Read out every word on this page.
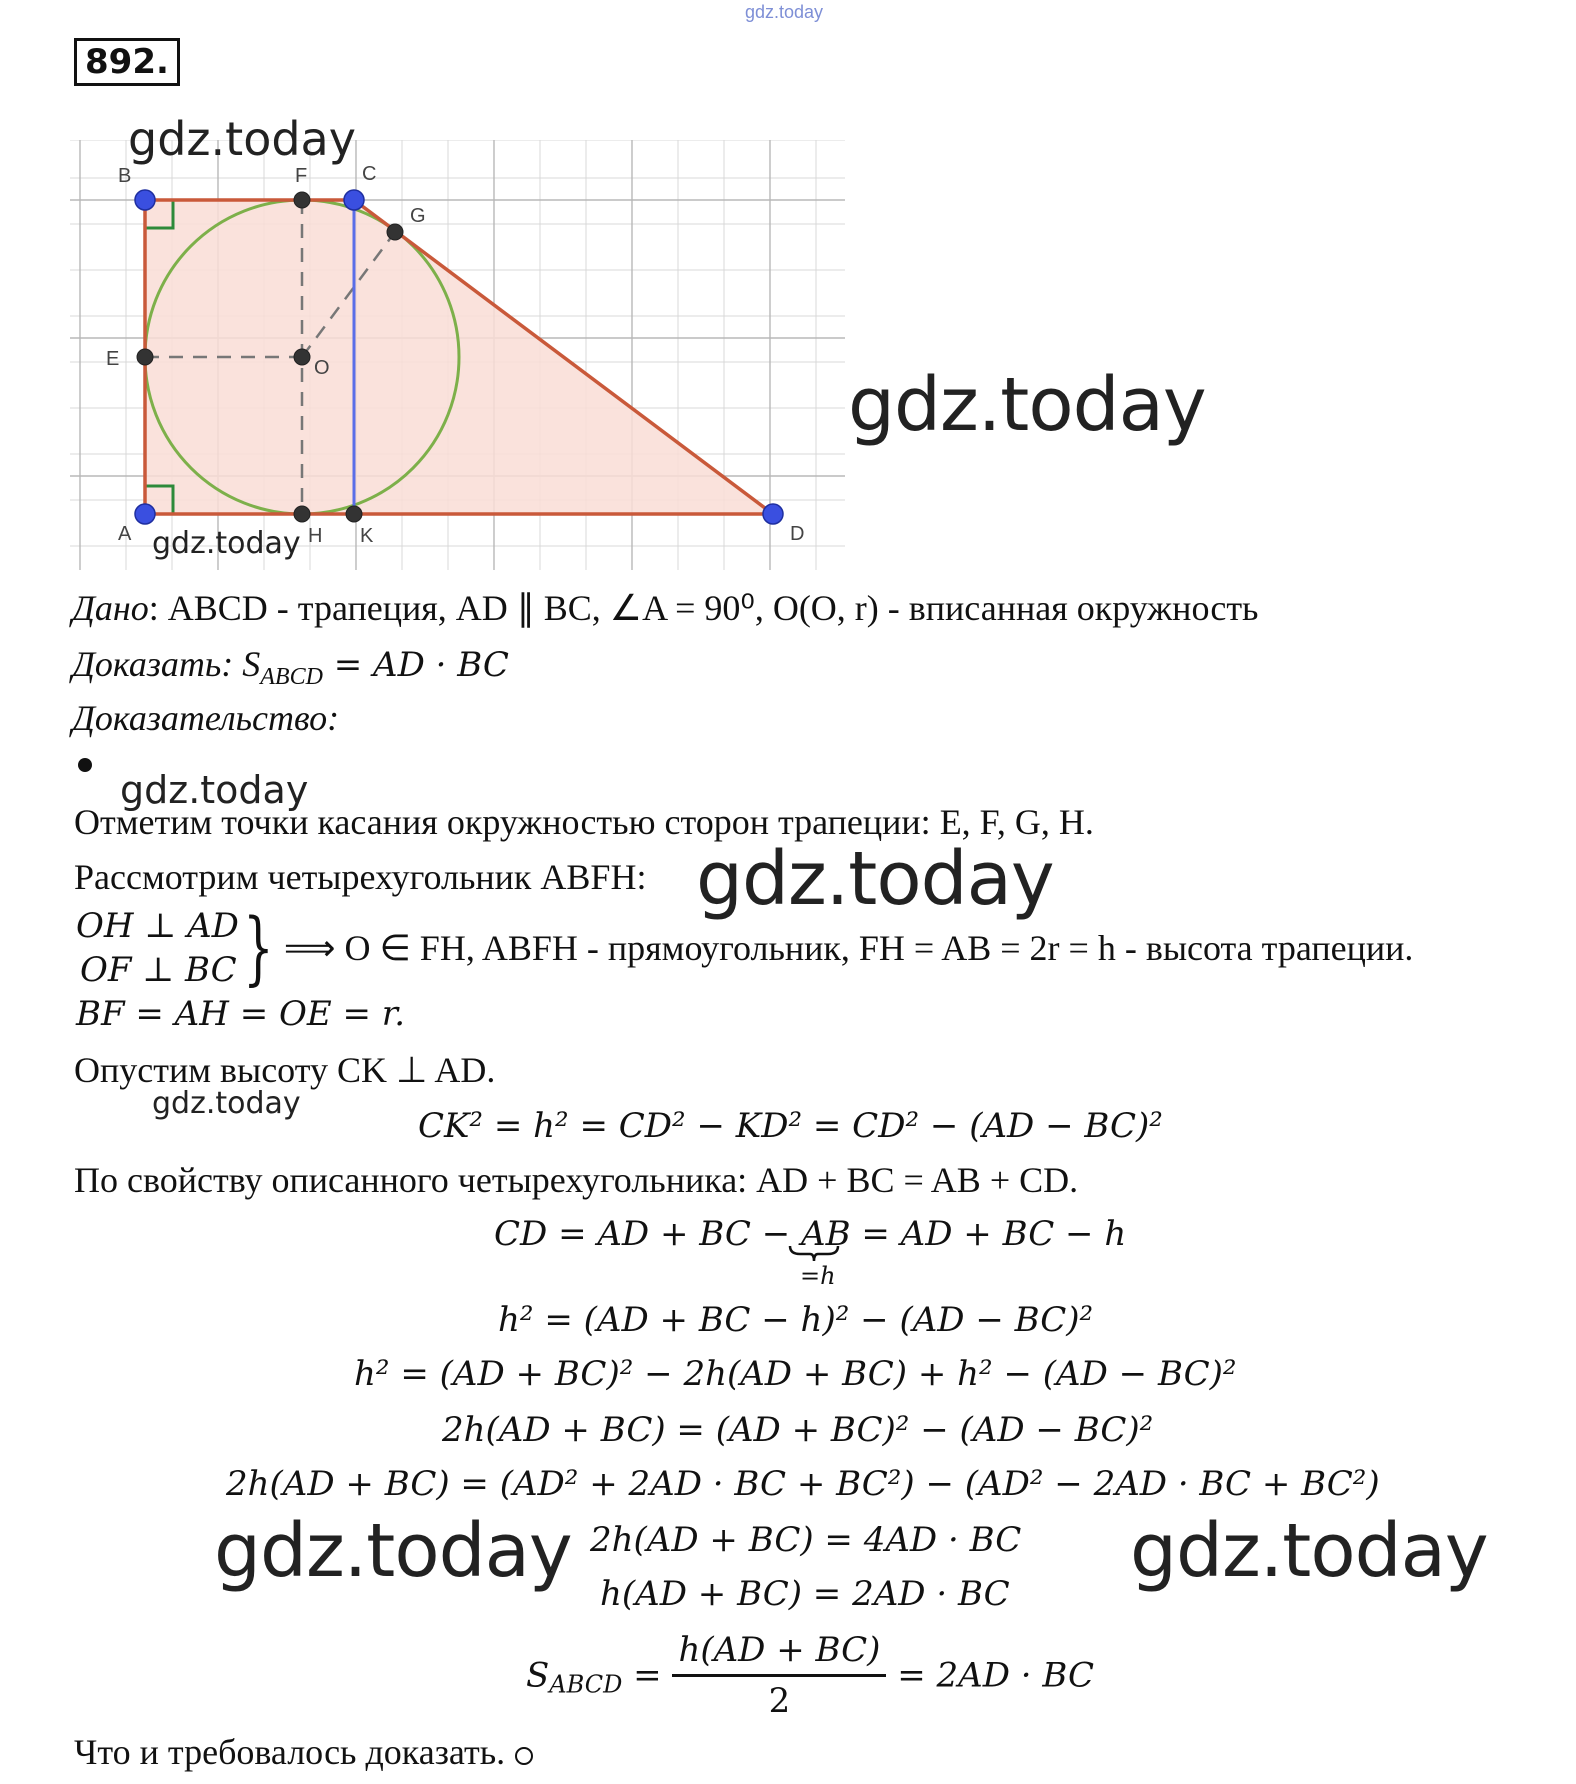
gdz.today
892.
B	F	C
G
E	O
A	H K	D
gdz.today
gdz.today
gdz.today
Дано: ABCD - трапеция, AD ∥ BC, ∠A = 90⁰, O(O, r) - вписанная окружность
Доказать: $S_{ABCD}$ = AD · BC
Доказательство:
gdz.today
Отметим точки касания окружностью сторон трапеции: E, F, G, H.
Рассмотрим четырехугольник ABFH: gdz.today
OH ⊥ AD
OF ⊥ BC } ⟹ O ∈ FH, ABFH - прямоугольник, FH = AB = 2r = h - высота трапеции.
BF = AH = OE = r.
Опустим высоту CK ⊥ AD.
gdz.today
CK² = h² = CD² − KD² = CD² − (AD − BC)²
По свойству описанного четырехугольника: AD + BC = AB + CD.
CD = AD + BC − AB = AD + BC − h
=h
h² = (AD + BC − h)² − (AD − BC)²
h² = (AD + BC)² − 2h(AD + BC) + h² − (AD − BC)²
2h(AD + BC) = (AD + BC)² − (AD − BC)²
2h(AD + BC) = (AD² + 2AD · BC + BC²) − (AD² − 2AD · BC + BC²)
2h(AD + BC) = 4AD · BC
h(AD + BC) = 2AD · BC
gdz.today	gdz.today
$S_{ABCD} = \frac{h(AD + BC)}{2} = 2AD$ · BC
Что и требовалось доказать.
